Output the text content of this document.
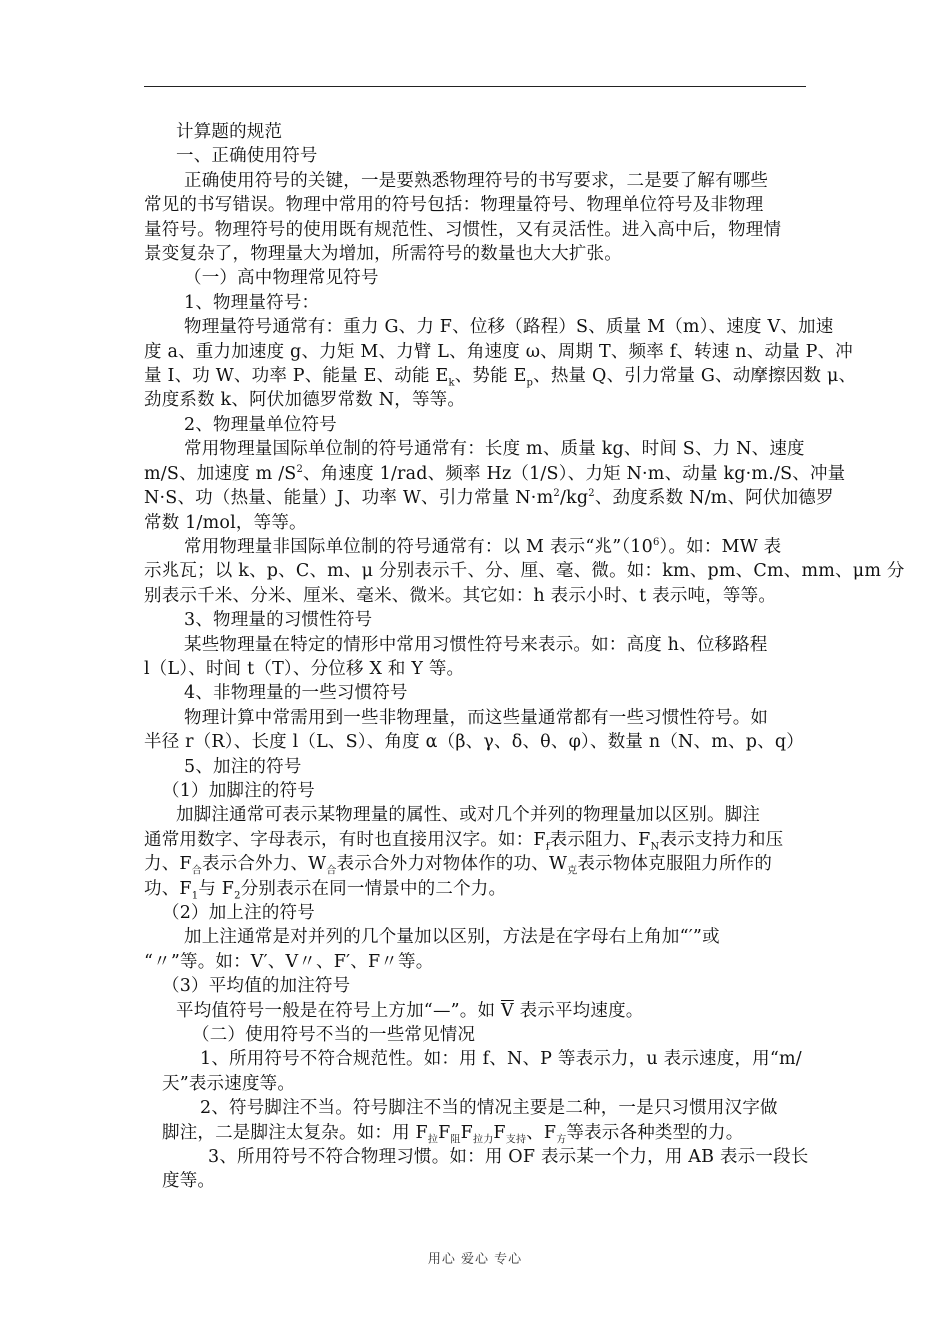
计算题的规范
一、正确使用符号
正确使用符号的关键，一是要熟悉物理符号的书写要求，二是要了解有哪些
常见的书写错误。物理中常用的符号包括：物理量符号、物理单位符号及非物理
量符号。物理符号的使用既有规范性、习惯性，又有灵活性。进入高中后，物理情
景变复杂了，物理量大为增加，所需符号的数量也大大扩张。
（一）高中物理常见符号
1、物理量符号：
物理量符号通常有：重力 G、力 F、位移（路程）S、质量 M（m）、速度 V、加速
度 a、重力加速度 g、力矩 M、力臂 L、角速度 ω、周期 T、频率 f、转速 n、动量 P、冲
量 I、功 W、功率 P、能量 E、动能 $E_k$、势能 $E_p$、热量 Q、引力常量 G、动摩擦因数 μ、
劲度系数 k、阿伏加德罗常数 N，等等。
2、物理量单位符号
常用物理量国际单位制的符号通常有：长度 m、质量 kg、时间 S、力 N、速度
m/S、加速度 m $/S^2$、角速度 1/rad、频率 Hz（1/S）、力矩 N·m、动量 kg·m./S、冲量
N·S、功（热量、能量）J、功率 W、引力常量 $N\cdot m^2/kg^2$、劲度系数 N/m、阿伏加德罗
常数 1/mol，等等。
常用物理量非国际单位制的符号通常有：以 M 表示“兆$”(10^6)$。如：MW 表
示兆瓦；以 k、p、C、m、μ 分别表示千、分、厘、毫、微。如：km、pm、Cm、mm、μm 分
别表示千米、分米、厘米、毫米、微米。其它如：h 表示小时、t 表示吨，等等。
3、物理量的习惯性符号
某些物理量在特定的情形中常用习惯性符号来表示。如：高度 h、位移路程
l（L）、时间 t（T）、分位移 X 和 Y 等。
4、非物理量的一些习惯符号
物理计算中常需用到一些非物理量，而这些量通常都有一些习惯性符号。如
半径 r（R）、长度 l（L、S）、角度 α（β、γ、δ、θ、φ）、数量 n（N、m、p、q）
5、加注的符号
（1）加脚注的符号
加脚注通常可表示某物理量的属性、或对几个并列的物理量加以区别。脚注
通常用数字、字母表示，有时也直接用汉字。如：$F_f$表示阻力、$F_N$表示支持力和压
力、$F_合$表示合外力、$W_合$表示合外力对物体作的功、$W_克$表示物体克服阻力所作的
功、$F_1$与 $F_2$分别表示在同一情景中的二个力。
（2）加上注的符号
加上注通常是对并列的几个量加以区别，方法是在字母右上角加“′”或
“〃”等。如：V′、V〃、F′、F〃等。
（3）平均值的加注符号
平均值符号一般是在符号上方加“—”。如 $\overline{V}$ 表示平均速度。
（二）使用符号不当的一些常见情况
1、所用符号不符合规范性。如：用 f、N、P 等表示力，u 表示速度，用“m/
天”表示速度等。
2、符号脚注不当。符号脚注不当的情况主要是二种，一是只习惯用汉字做
脚注，二是脚注太复杂。如：用 $F_拉F_阻F_{拉力}F_{支持}$、$F_方$等表示各种类型的力。
3、所用符号不符合物理习惯。如：用 OF 表示某一个力，用 AB 表示一段长
度等。
用心 爱心 专心
